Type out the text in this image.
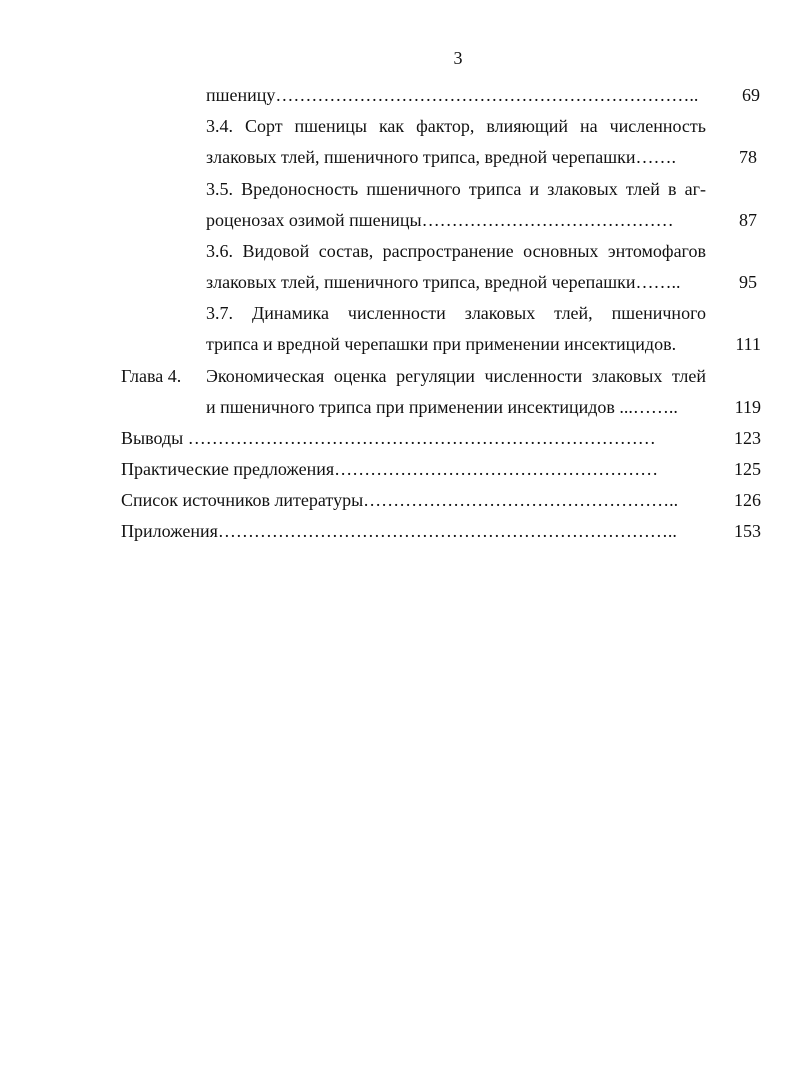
3
пшеницу……………………………………………………………..	69
3.4. Сорт пшеницы как фактор, влияющий на численность
злаковых тлей, пшеничного трипса, вредной черепашки…….	78
3.5. Вредоносность пшеничного трипса и злаковых тлей в аг-
роценозах озимой пшеницы……………………………………	87
3.6. Видовой состав, распространение основных энтомофагов
злаковых тлей, пшеничного трипса, вредной черепашки……..	95
3.7. Динамика численности злаковых тлей, пшеничного
трипса и вредной черепашки при применении инсектицидов.	111
Глава 4. Экономическая оценка регуляции численности злаковых тлей
и пшеничного трипса при применении инсектицидов ...……..	119
Выводы ……………………………………………………………………	123
Практические предложения………………………………………………	125
Список источников литературы……………………………………………..	126
Приложения…………………………………………………………………..	153
